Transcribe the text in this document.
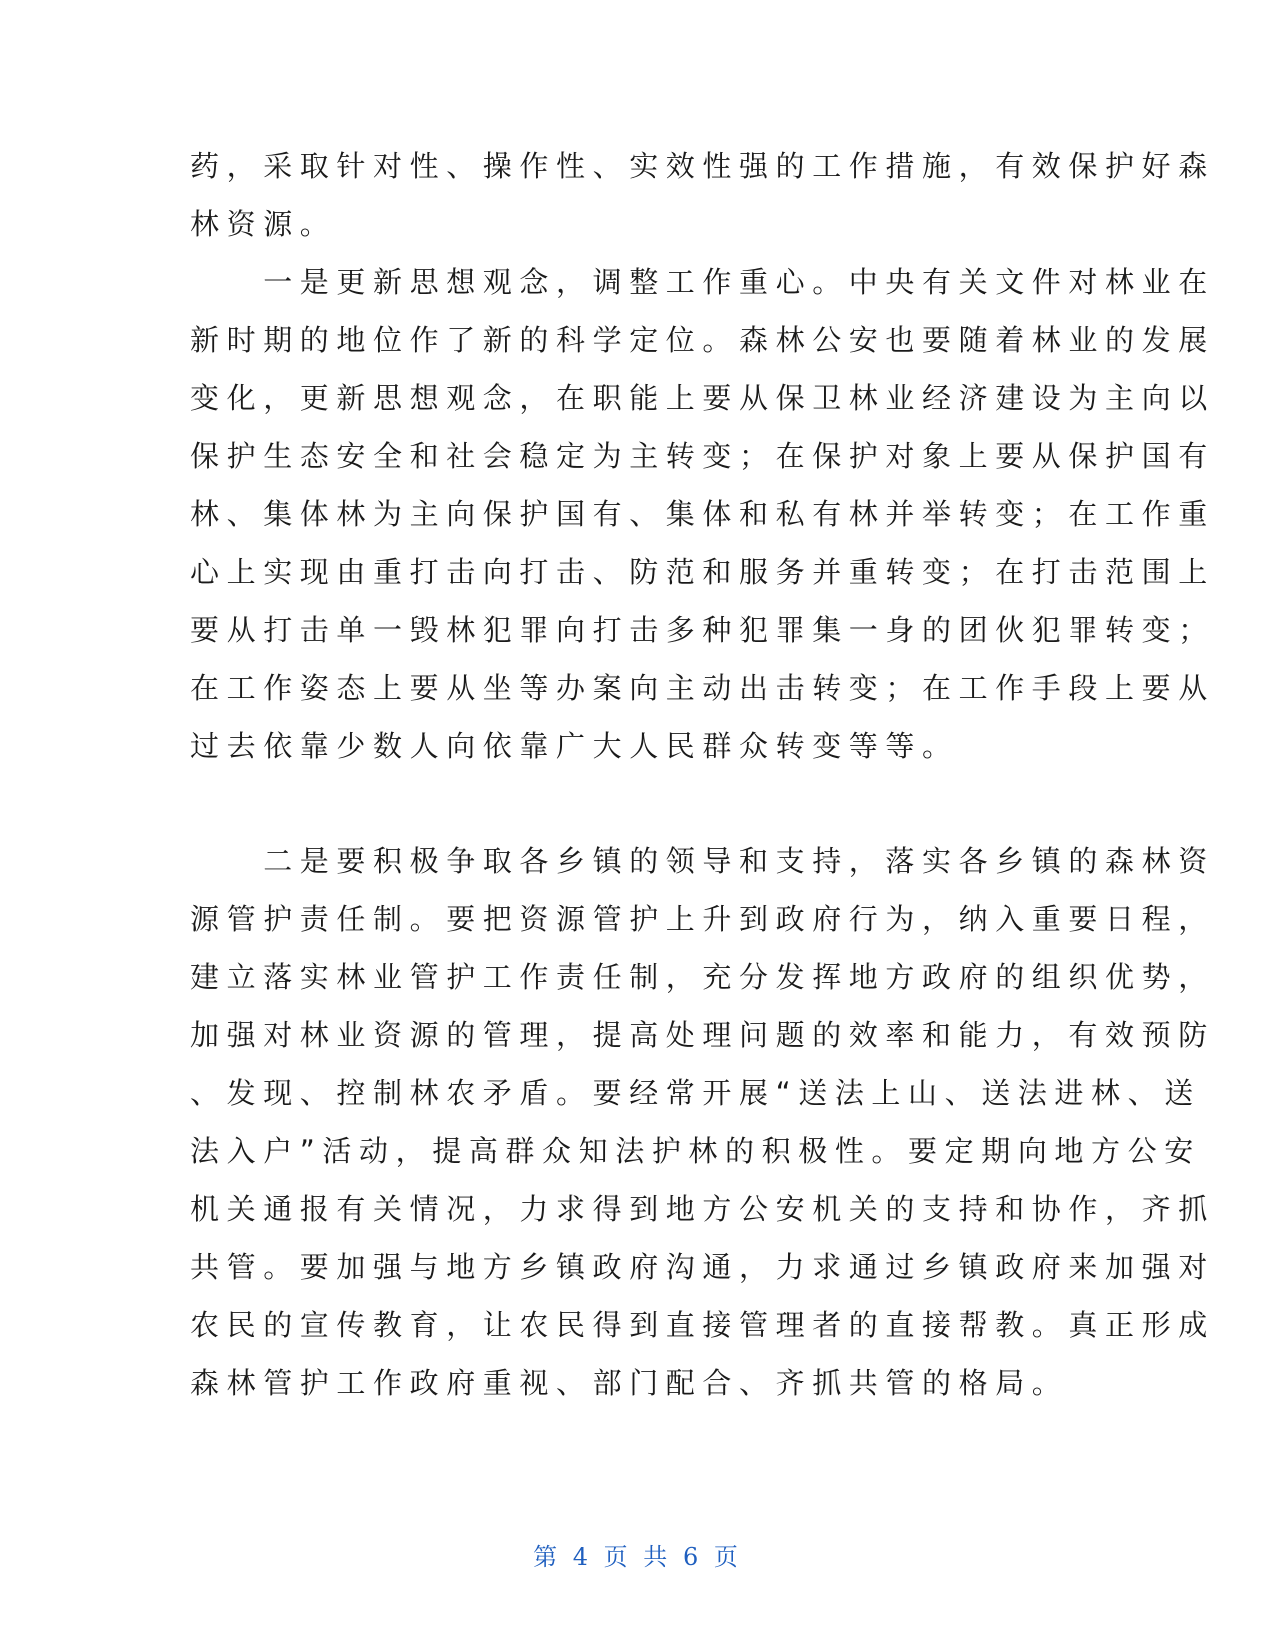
药，采取针对性、操作性、实效性强的工作措施，有效保护好森
林资源。
　　一是更新思想观念，调整工作重心。中央有关文件对林业在
新时期的地位作了新的科学定位。森林公安也要随着林业的发展
变化，更新思想观念，在职能上要从保卫林业经济建设为主向以
保护生态安全和社会稳定为主转变；在保护对象上要从保护国有
林、集体林为主向保护国有、集体和私有林并举转变；在工作重
心上实现由重打击向打击、防范和服务并重转变；在打击范围上
要从打击单一毁林犯罪向打击多种犯罪集一身的团伙犯罪转变；
在工作姿态上要从坐等办案向主动出击转变；在工作手段上要从
过去依靠少数人向依靠广大人民群众转变等等。
　　二是要积极争取各乡镇的领导和支持，落实各乡镇的森林资
源管护责任制。要把资源管护上升到政府行为，纳入重要日程，
建立落实林业管护工作责任制，充分发挥地方政府的组织优势，
加强对林业资源的管理，提高处理问题的效率和能力，有效预防
、发现、控制林农矛盾。要经常开展“送法上山、送法进林、送
法入户”活动，提高群众知法护林的积极性。要定期向地方公安
机关通报有关情况，力求得到地方公安机关的支持和协作，齐抓
共管。要加强与地方乡镇政府沟通，力求通过乡镇政府来加强对
农民的宣传教育，让农民得到直接管理者的直接帮教。真正形成
森林管护工作政府重视、部门配合、齐抓共管的格局。
第 4 页 共 6 页
